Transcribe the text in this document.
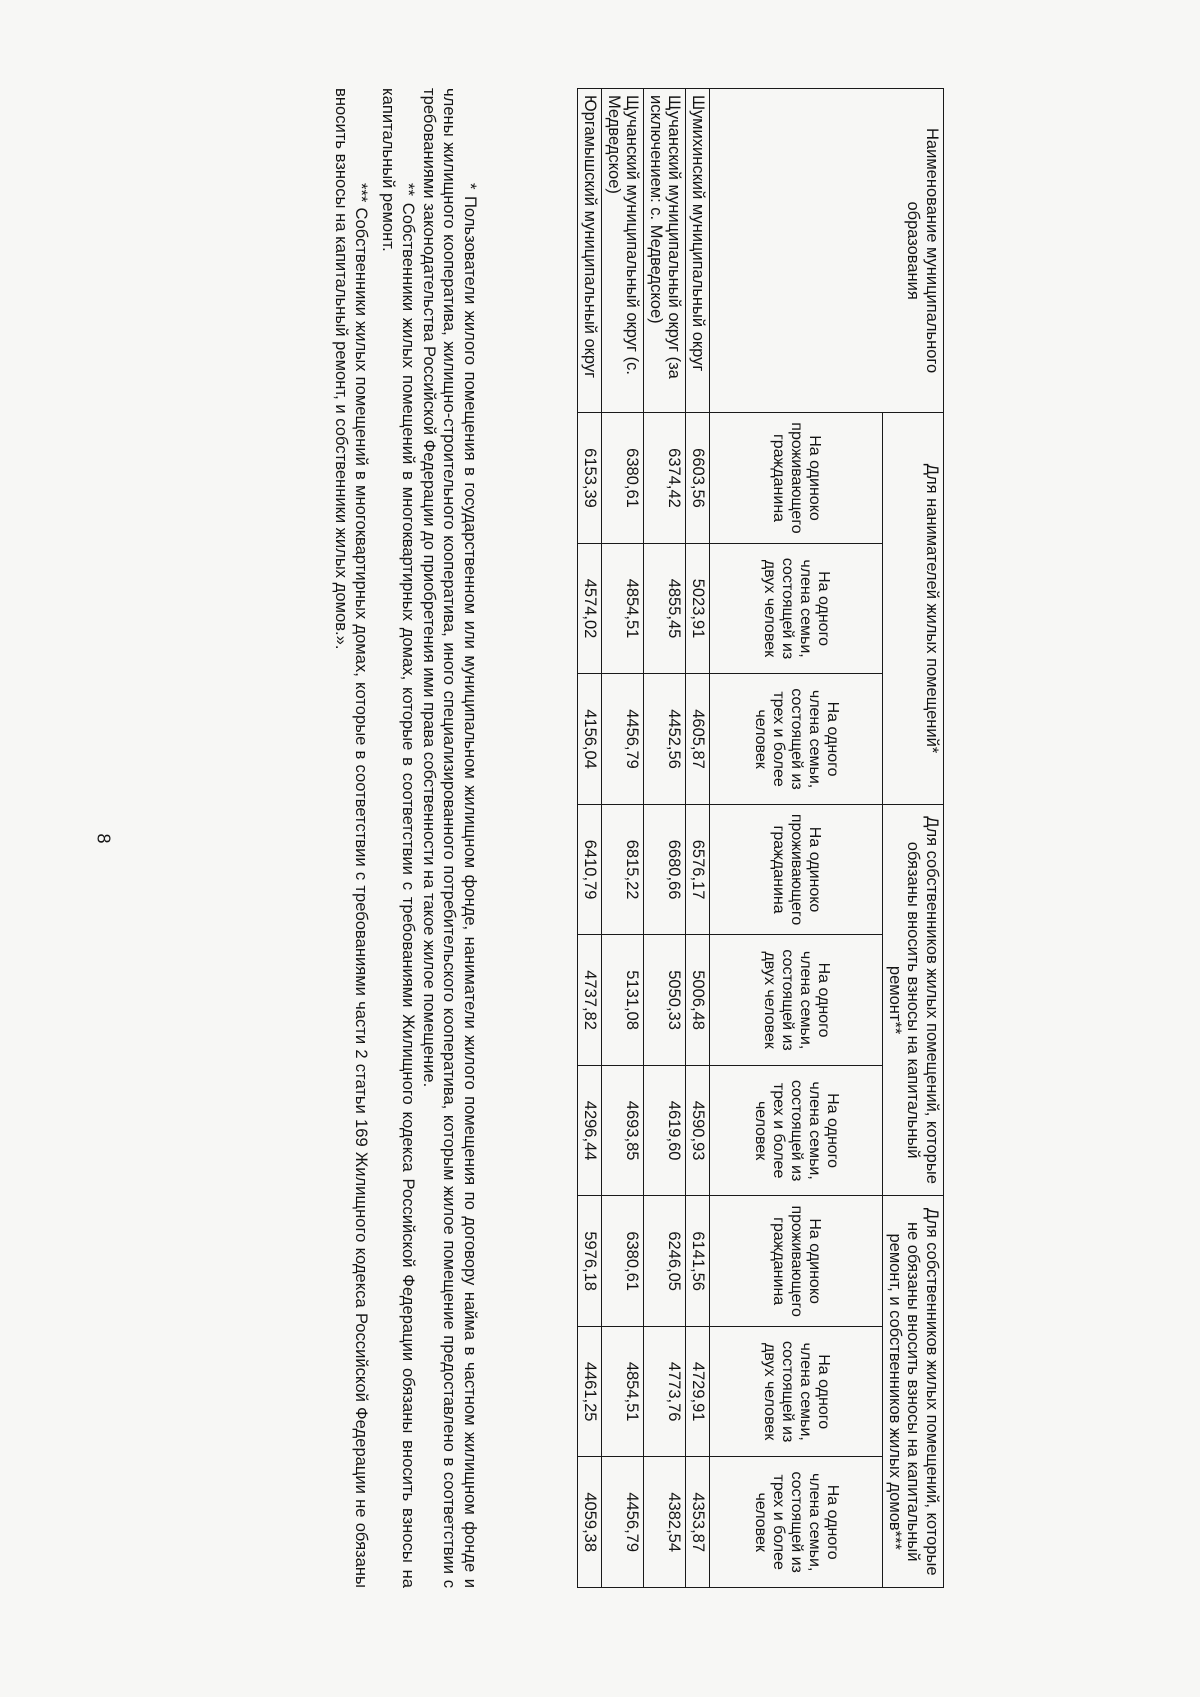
8
Наименование муниципального образования	Для нанимателей жилых помещений*			Для собственников жилых помещений, которые обязаны вносить взносы на капитальный ремонт**			Для собственников жилых помещений, которые не обязаны вносить взносы на капитальный ремонт, и собственников жилых домов***		
	На одиноко проживающего гражданина	На одного члена семьи, состоящей из двух человек	На одного члена семьи, состоящей из трех и более человек	На одиноко проживающего гражданина	На одного члена семьи, состоящей из двух человек	На одного члена семьи, состоящей из трех и более человек	На одиноко проживающего гражданина	На одного члена семьи, состоящей из двух человек	На одного члена семьи, состоящей из трех и более человек
Шумихинский муниципальный округ	6603,56	5023,91	4605,87	6576,17	5006,48	4590,93	6141,56	4729,91	4353,87
Щучанский муниципальный округ (за исключением: с. Медведское)	6374,42	4855,45	4452,56	6680,66	5050,33	4619,60	6246,05	4773,76	4382,54
Щучанский муниципальный округ (с. Медведское)	6380,61	4854,51	4456,79	6815,22	5131,08	4693,85	6380,61	4854,51	4456,79
Юргамышский муниципальный округ	6153,39	4574,02	4156,04	6410,79	4737,82	4296,44	5976,18	4461,25	4059,38

* Пользователи жилого помещения в государственном или муниципальном жилищном фонде, наниматели жилого помещения по договору найма в частном жилищном фонде и члены жилищного кооператива, жилищно-строительного кооператива, иного специализированного потребительского кооператива, которым жилое помещение предоставлено в соответствии с требованиями законодательства Российской Федерации до приобретения ими права собственности на такое жилое помещение.

** Собственники жилых помещений в многоквартирных домах, которые в соответствии с требованиями Жилищного кодекса Российской Федерации обязаны вносить взносы на капитальный ремонт.

*** Собственники жилых помещений в многоквартирных домах, которые в соответствии с требованиями части 2 статьи 169 Жилищного кодекса Российской Федерации не обязаны вносить взносы на капитальный ремонт, и собственники жилых домов.».
